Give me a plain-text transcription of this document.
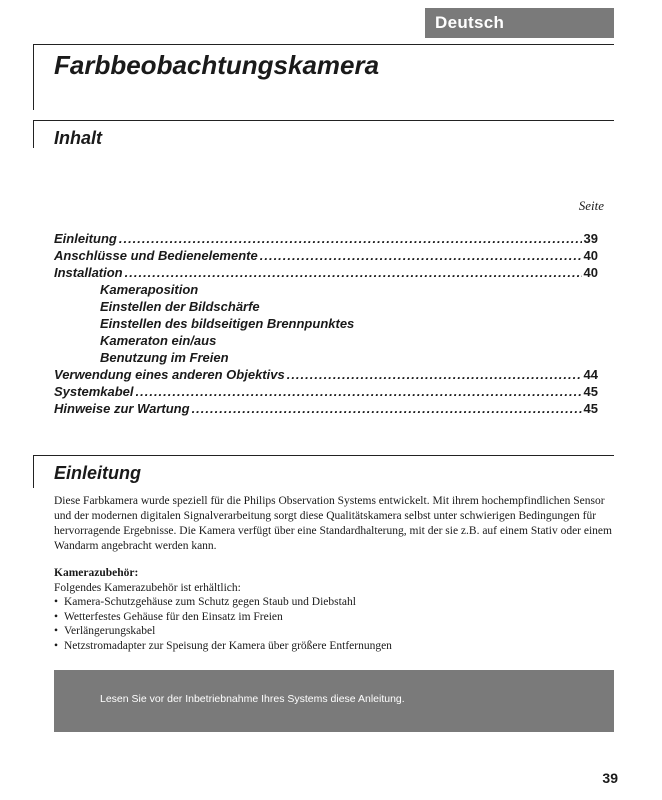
Deutsch
Farbbeobachtungskamera
Inhalt
Seite
Einleitung .....	39
Anschlüsse und Bedienelemente .....	40
Installation .....	40
Kameraposition
Einstellen der Bildschärfe
Einstellen des bildseitigen Brennpunktes
Kameraton ein/aus
Benutzung im Freien
Verwendung eines anderen Objektivs .....	44
Systemkabel .....	45
Hinweise zur Wartung .....	45
Einleitung

Diese Farbkamera wurde speziell für die Philips Observation Systems entwickelt. Mit ihrem hochempfindlichen Sensor und der modernen digitalen Signalverarbeitung sorgt diese Qualitätskamera selbst unter schwierigen Bedingungen für hervorragende Ergebnisse. Die Kamera verfügt über eine Standardhalterung, mit der sie z.B. auf einem Stativ oder einem Wandarm angebracht werden kann.

Kamerazubehör:
Folgendes Kamerazubehör ist erhältlich:
• Kamera-Schutzgehäuse zum Schutz gegen Staub und Diebstahl
• Wetterfestes Gehäuse für den Einsatz im Freien
• Verlängerungskabel
• Netzstromadapter zur Speisung der Kamera über größere Entfernungen
Lesen Sie vor der Inbetriebnahme Ihres Systems diese Anleitung.
39
